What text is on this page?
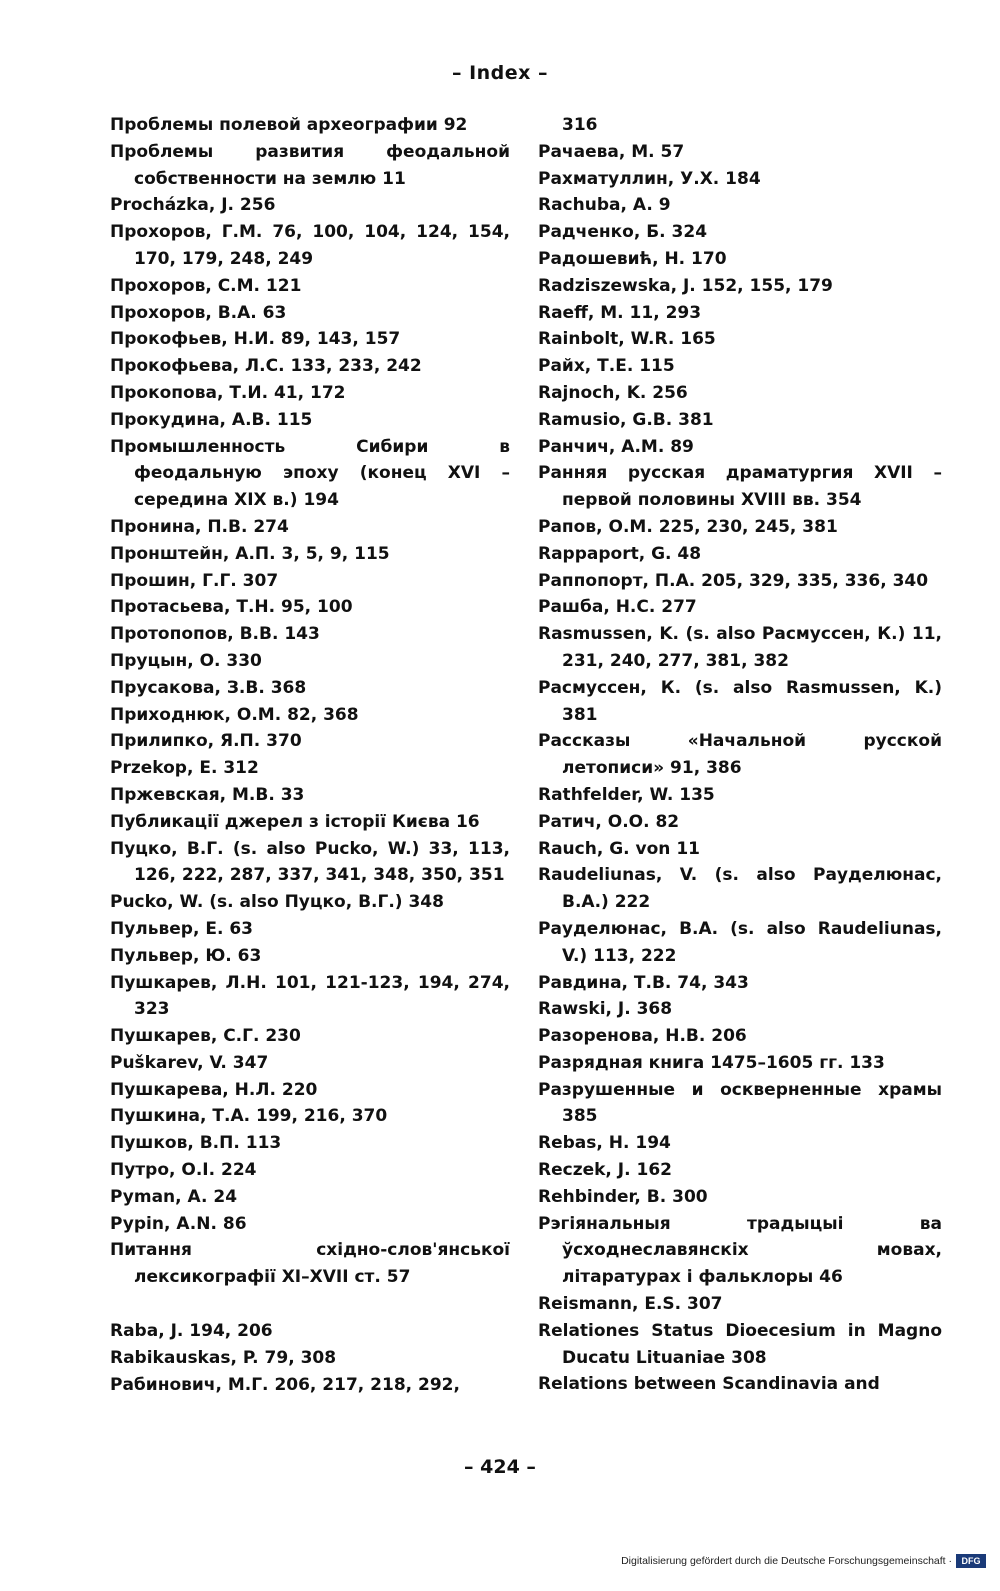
– Index –

Проблемы полевой археографии 92

Проблемы развития феодальной собственности на землю 11

Procházka, J. 256

Прохоров, Г.М. 76, 100, 104, 124, 154, 170, 179, 248, 249

Прохоров, С.М. 121

Прохоров, В.А. 63

Прокофьев, Н.И. 89, 143, 157

Прокофьева, Л.С. 133, 233, 242

Прокопова, Т.И. 41, 172

Прокудина, А.В. 115

Промышленность Сибири в феодальную эпоху (конец XVI – середина XIX в.) 194

Пронина, П.В. 274

Пронштейн, А.П. 3, 5, 9, 115

Прошин, Г.Г. 307

Протасьева, Т.Н. 95, 100

Протопопов, В.В. 143

Пруцын, О. 330

Прусакова, З.В. 368

Приходнюк, О.М. 82, 368

Прилипко, Я.П. 370

Przekop, E. 312

Пржевская, М.В. 33

Публикації джерел з історії Києва 16

Пуцко, В.Г. (s. also Pucko, W.) 33, 113, 126, 222, 287, 337, 341, 348, 350, 351

Pucko, W. (s. also Пуцко, В.Г.) 348

Пульвер, Е. 63

Пульвер, Ю. 63

Пушкарев, Л.Н. 101, 121-123, 194, 274, 323

Пушкарев, С.Г. 230

Puškarev, V. 347

Пушкарева, Н.Л. 220

Пушкина, Т.А. 199, 216, 370

Пушков, В.П. 113

Путро, О.І. 224

Pyman, A. 24

Pypin, A.N. 86

Питання східно-слов'янської лексикографії XI–XVII ст. 57

Raba, J. 194, 206

Rabikauskas, P. 79, 308

Рабинович, М.Г. 206, 217, 218, 292,

316

Рачаева, М. 57

Рахматуллин, У.Х. 184

Rachuba, A. 9

Радченко, Б. 324

Радошевић, Н. 170

Radziszewska, J. 152, 155, 179

Raeff, M. 11, 293

Rainbolt, W.R. 165

Райх, Т.Е. 115

Rajnoch, K. 256

Ramusio, G.B. 381

Ранчич, А.М. 89

Ранняя русская драматургия XVII – первой половины XVIII вв. 354

Рапов, О.М. 225, 230, 245, 381

Rappaport, G. 48

Раппопорт, П.А. 205, 329, 335, 336, 340

Рашба, Н.С. 277

Rasmussen, K. (s. also Расмуссен, К.) 11, 231, 240, 277, 381, 382

Расмуссен, К. (s. also Rasmussen, K.) 381

Рассказы «Начальной русской летописи» 91, 386

Rathfelder, W. 135

Ратич, О.О. 82

Rauch, G. von 11

Raudeliunas, V. (s. also Рауделюнас, В.А.) 222

Рауделюнас, В.А. (s. also Raudeliunas, V.) 113, 222

Равдина, Т.В. 74, 343

Rawski, J. 368

Разоренова, Н.В. 206

Разрядная книга 1475–1605 гг. 133

Разрушенные и оскверненные храмы 385

Rebas, H. 194

Reczek, J. 162

Rehbinder, B. 300

Рэгіянальныя традыцыі ва ўсходнеславянскіх мовах, літаратурах і фальклоры 46

Reismann, E.S. 307

Relationes Status Dioecesium in Magno Ducatu Lituaniae 308

Relations between Scandinavia and

– 424 –
Digitalisierung gefördert durch die Deutsche Forschungsgemeinschaft ·	DFG
